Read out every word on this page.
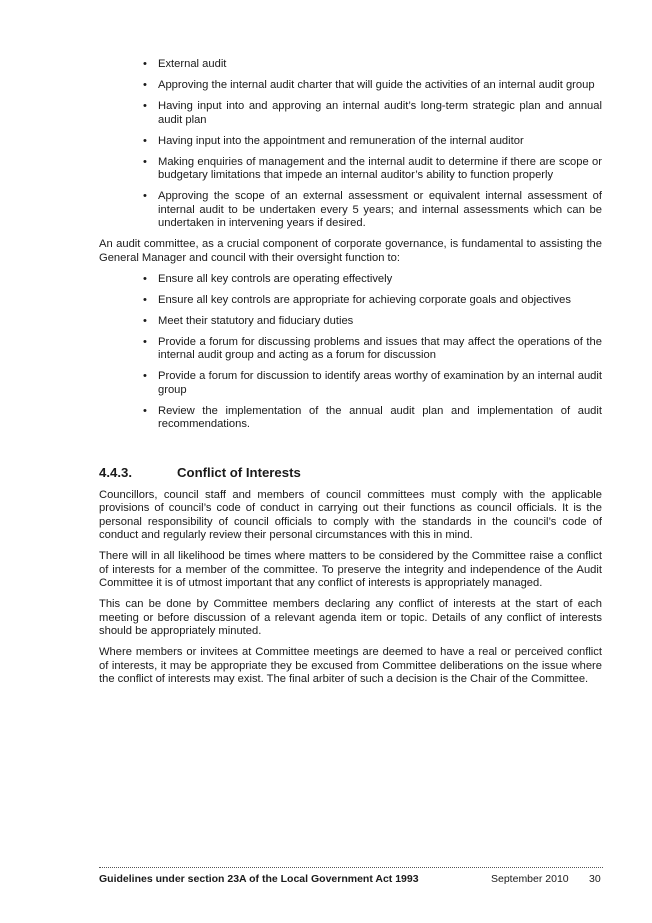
• External audit
• Approving the internal audit charter that will guide the activities of an internal audit group
• Having input into and approving an internal audit’s long-term strategic plan and annual audit plan
• Having input into the appointment and remuneration of the internal auditor
• Making enquiries of management and the internal audit to determine if there are scope or budgetary limitations that impede an internal auditor’s ability to function properly
• Approving the scope of an external assessment or equivalent internal assessment of internal audit to be undertaken every 5 years; and internal assessments which can be undertaken in intervening years if desired.

An audit committee, as a crucial component of corporate governance, is fundamental to assisting the General Manager and council with their oversight function to:

• Ensure all key controls are operating effectively
• Ensure all key controls are appropriate for achieving corporate goals and objectives
• Meet their statutory and fiduciary duties
• Provide a forum for discussing problems and issues that may affect the operations of the internal audit group and acting as a forum for discussion
• Provide a forum for discussion to identify areas worthy of examination by an internal audit group
• Review the implementation of the annual audit plan and implementation of audit recommendations.
4.4.3.	Conflict of Interests

Councillors, council staff and members of council committees must comply with the applicable provisions of council’s code of conduct in carrying out their functions as council officials. It is the personal responsibility of council officials to comply with the standards in the council’s code of conduct and regularly review their personal circumstances with this in mind.

There will in all likelihood be times where matters to be considered by the Committee raise a conflict of interests for a member of the committee. To preserve the integrity and independence of the Audit Committee it is of utmost important that any conflict of interests is appropriately managed.

This can be done by Committee members declaring any conflict of interests at the start of each meeting or before discussion of a relevant agenda item or topic. Details of any conflict of interests should be appropriately minuted.

Where members or invitees at Committee meetings are deemed to have a real or perceived conflict of interests, it may be appropriate they be excused from Committee deliberations on the issue where the conflict of interests may exist. The final arbiter of such a decision is the Chair of the Committee.

Guidelines under section 23A of the Local Government Act 1993	September 2010 30
